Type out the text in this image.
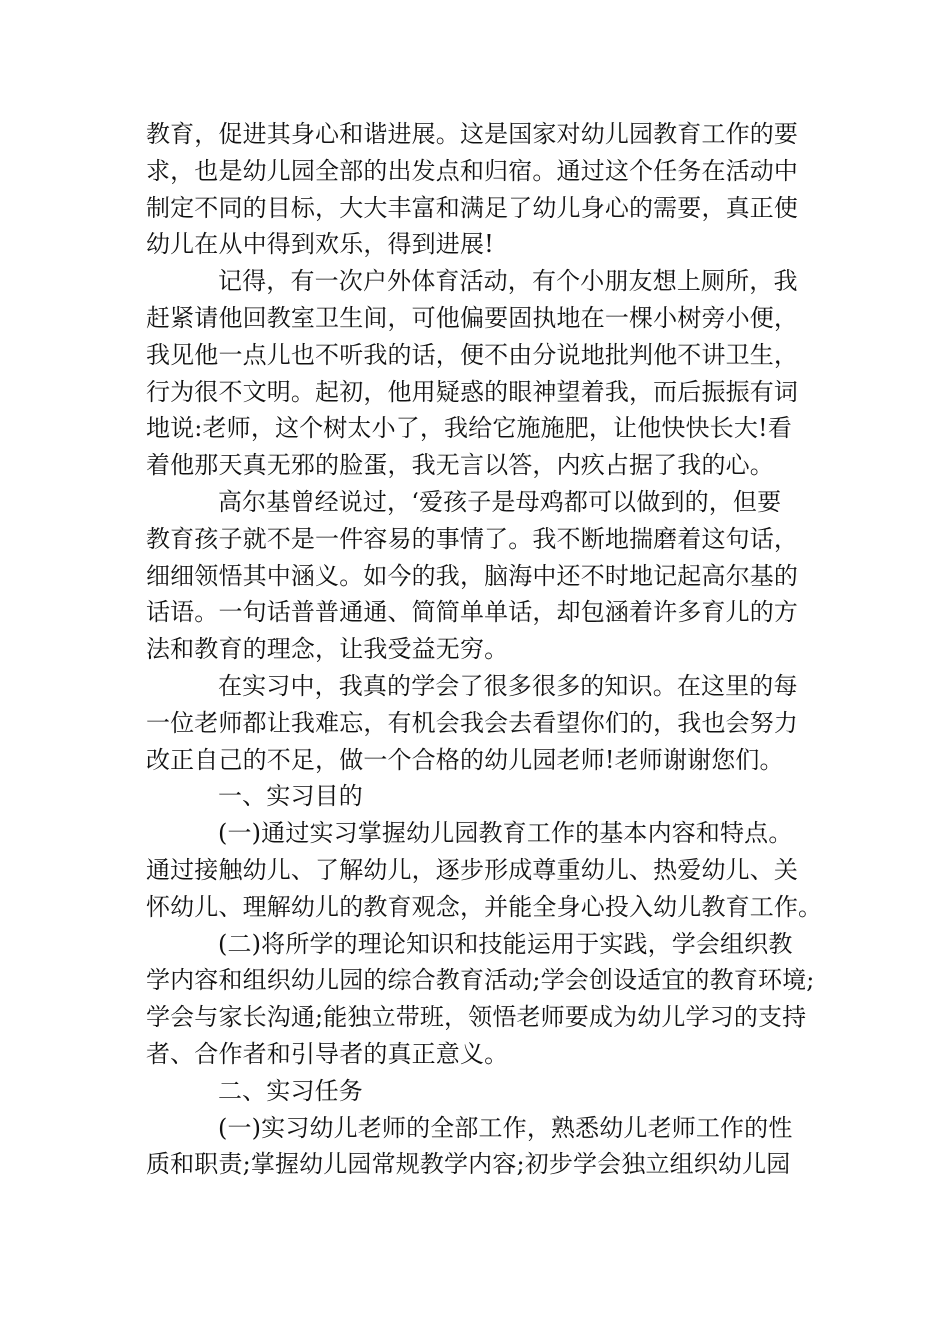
教育，促进其身心和谐进展。这是国家对幼儿园教育工作的要
求，也是幼儿园全部的出发点和归宿。通过这个任务在活动中
制定不同的目标，大大丰富和满足了幼儿身心的需要，真正使
幼儿在从中得到欢乐，得到进展!
记得，有一次户外体育活动，有个小朋友想上厕所，我
赶紧请他回教室卫生间，可他偏要固执地在一棵小树旁小便，
我见他一点儿也不听我的话，便不由分说地批判他不讲卫生，
行为很不文明。起初，他用疑惑的眼神望着我，而后振振有词
地说:老师，这个树太小了，我给它施施肥，让他快快长大!看
着他那天真无邪的脸蛋，我无言以答，内疚占据了我的心。
高尔基曾经说过，‘爱孩子是母鸡都可以做到的，但要
教育孩子就不是一件容易的事情了。我不断地揣磨着这句话，
细细领悟其中涵义。如今的我，脑海中还不时地记起高尔基的
话语。一句话普普通通、简简单单话，却包涵着许多育儿的方
法和教育的理念，让我受益无穷。
在实习中，我真的学会了很多很多的知识。在这里的每
一位老师都让我难忘，有机会我会去看望你们的，我也会努力
改正自己的不足，做一个合格的幼儿园老师!老师谢谢您们。
一、实习目的
(一)通过实习掌握幼儿园教育工作的基本内容和特点。
通过接触幼儿、了解幼儿，逐步形成尊重幼儿、热爱幼儿、关
怀幼儿、理解幼儿的教育观念，并能全身心投入幼儿教育工作。
(二)将所学的理论知识和技能运用于实践，学会组织教
学内容和组织幼儿园的综合教育活动;学会创设适宜的教育环境;
学会与家长沟通;能独立带班，领悟老师要成为幼儿学习的支持
者、合作者和引导者的真正意义。
二、实习任务
(一)实习幼儿老师的全部工作，熟悉幼儿老师工作的性
质和职责;掌握幼儿园常规教学内容;初步学会独立组织幼儿园
